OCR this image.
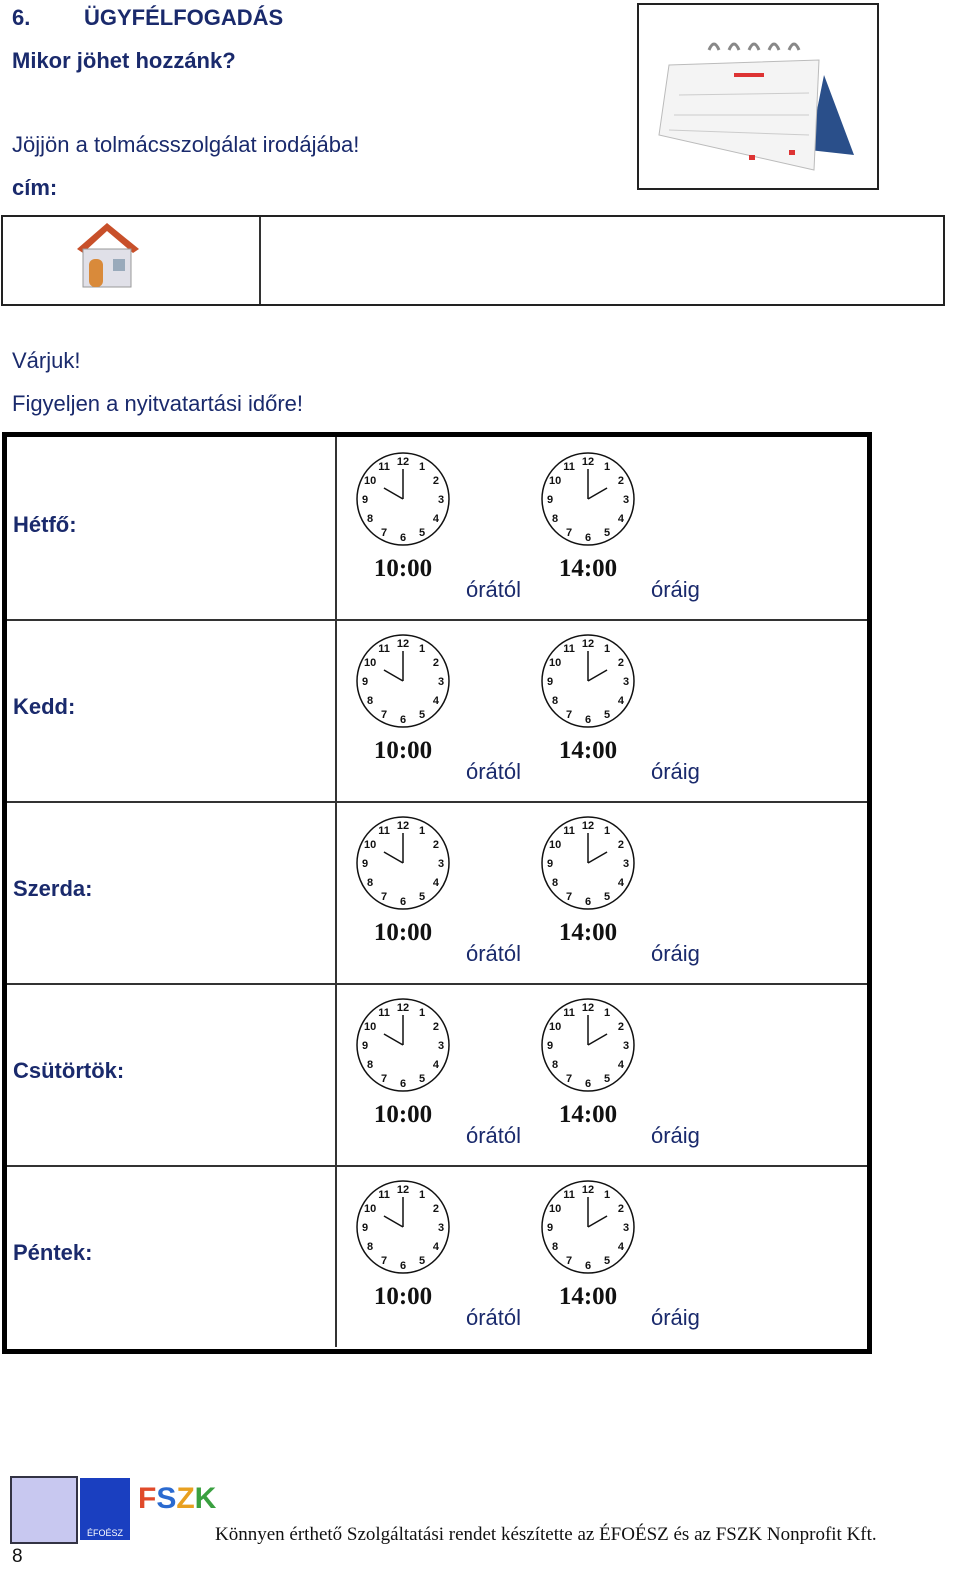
6. ÜGYFÉLFOGADÁS
Mikor jöhet hozzánk?
Jöjjön a tolmácsszolgálat irodájába!
cím:
Várjuk!
Figyeljen a nyitvatartási időre!
Hétfő:
1
2
3
4
5
6
7
8
9
10
11 12
10:00
órától
1
2
3
4
5
6
7
8
9
10
11 12
14:00
óráig
Kedd:
1
2
3
4
5
6
7
8
9
10
11 12
10:00
órától
1
2
3
4
5
6
7
8
9
10
11 12
14:00
óráig
Szerda:
1
2
3
4
5
6
7
8
9
10
11 12
10:00
órától
1
2
3
4
5
6
7
8
9
10
11 12
14:00
óráig
Csütörtök:
1
2
3
4
5
6
7
8
9
10
11 12
10:00
órától
1
2
3
4
5
6
7
8
9
10
11 12
14:00
óráig
Péntek:
1
2
3
4
5
6
7
8
9
10
11 12
10:00
órától
1
2
3
4
5
6
7
8
9
10
11 12
14:00
óráig
ÉFOÉSZ
FSZK
Könnyen érthető Szolgáltatási rendet készítette az ÉFOÉSZ és az FSZK Nonprofit Kft.
8
